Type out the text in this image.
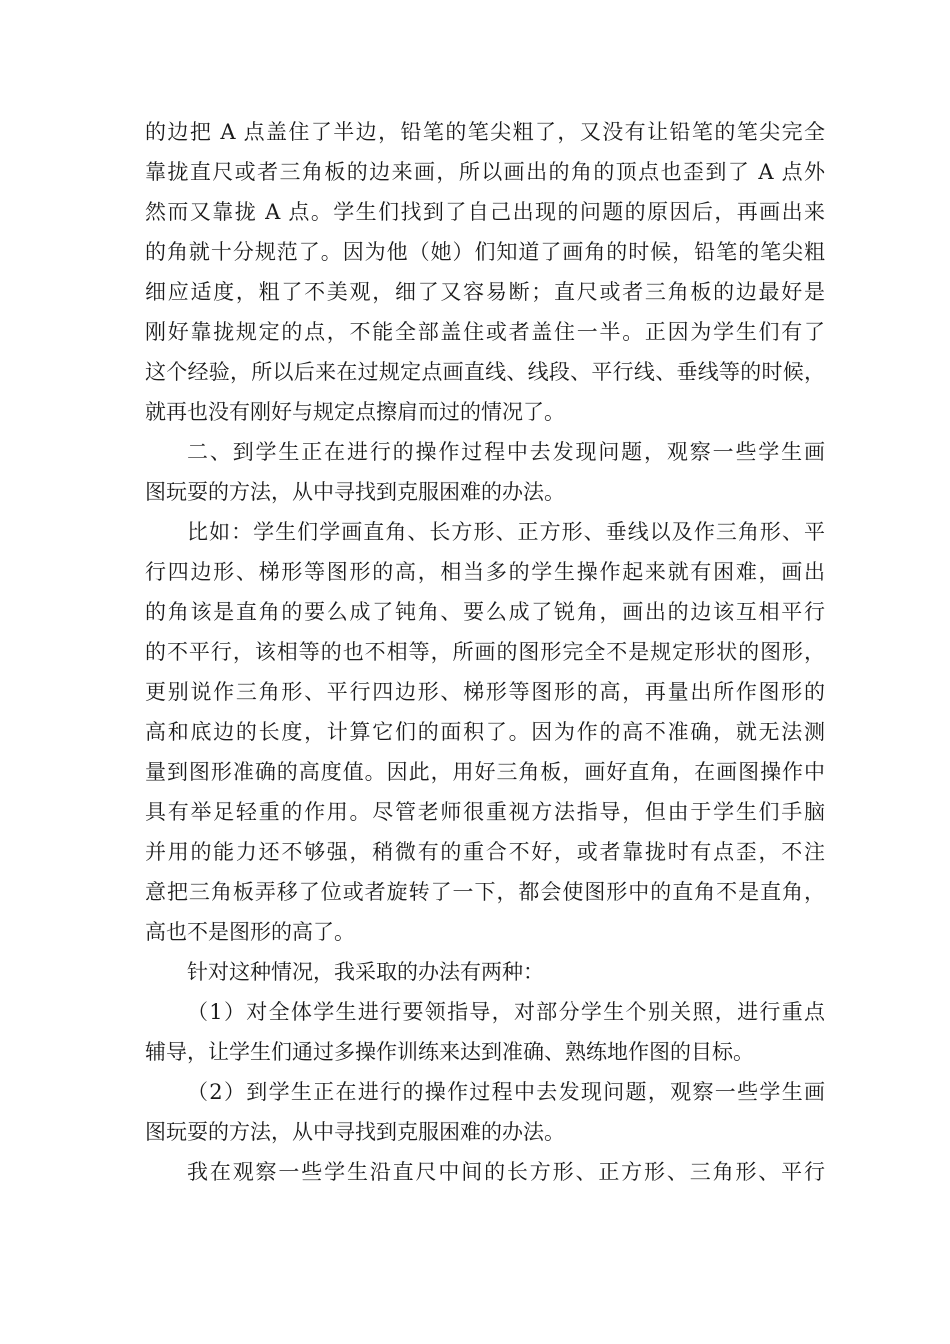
的边把 A 点盖住了半边，铅笔的笔尖粗了，又没有让铅笔的笔尖完全
靠拢直尺或者三角板的边来画，所以画出的角的顶点也歪到了 A 点外
然而又靠拢 A 点。学生们找到了自己出现的问题的原因后，再画出来
的角就十分规范了。因为他（她）们知道了画角的时候，铅笔的笔尖粗
细应适度，粗了不美观，细了又容易断；直尺或者三角板的边最好是
刚好靠拢规定的点，不能全部盖住或者盖住一半。正因为学生们有了
这个经验，所以后来在过规定点画直线、线段、平行线、垂线等的时候，
就再也没有刚好与规定点擦肩而过的情况了。
二、到学生正在进行的操作过程中去发现问题，观察一些学生画
图玩耍的方法，从中寻找到克服困难的办法。
比如：学生们学画直角、长方形、正方形、垂线以及作三角形、平
行四边形、梯形等图形的高，相当多的学生操作起来就有困难，画出
的角该是直角的要么成了钝角、要么成了锐角，画出的边该互相平行
的不平行，该相等的也不相等，所画的图形完全不是规定形状的图形，
更别说作三角形、平行四边形、梯形等图形的高，再量出所作图形的
高和底边的长度，计算它们的面积了。因为作的高不准确，就无法测
量到图形准确的高度值。因此，用好三角板，画好直角，在画图操作中
具有举足轻重的作用。尽管老师很重视方法指导，但由于学生们手脑
并用的能力还不够强，稍微有的重合不好，或者靠拢时有点歪，不注
意把三角板弄移了位或者旋转了一下，都会使图形中的直角不是直角，
高也不是图形的高了。
针对这种情况，我采取的办法有两种：
（1）对全体学生进行要领指导，对部分学生个别关照，进行重点
辅导，让学生们通过多操作训练来达到准确、熟练地作图的目标。
（2）到学生正在进行的操作过程中去发现问题，观察一些学生画
图玩耍的方法，从中寻找到克服困难的办法。
我在观察一些学生沿直尺中间的长方形、正方形、三角形、平行
